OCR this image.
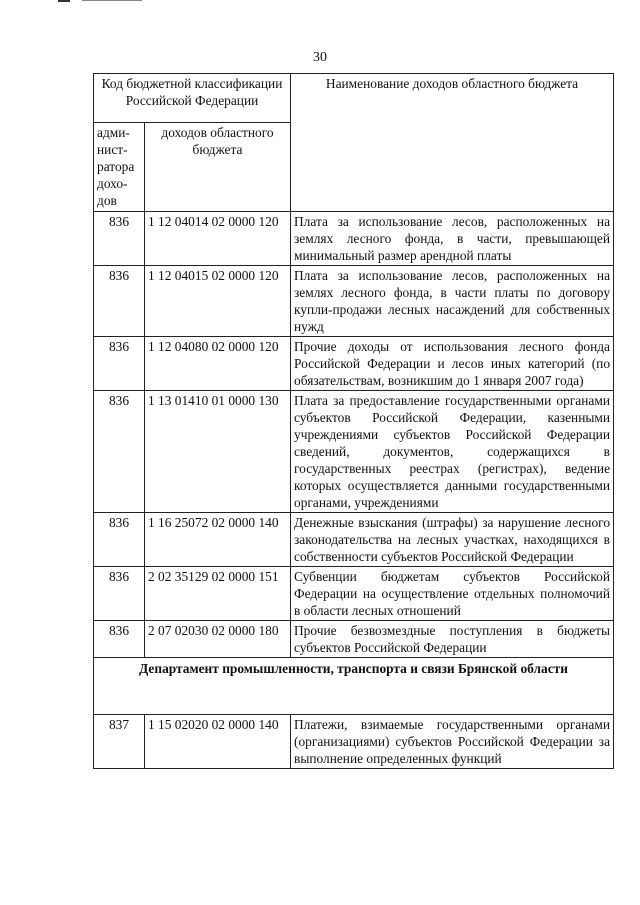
30
Код бюджетной классификации Российской Федерации		Наименование доходов областного бюджета
адми-нист-ратора дохо-дов	доходов областного бюджета	
836	1 12 04014 02 0000 120	Плата за использование лесов, расположенных на землях лесного фонда, в части, превышающей минимальный размер арендной платы
836	1 12 04015 02 0000 120	Плата за использование лесов, расположенных на землях лесного фонда, в части платы по договору купли-продажи лесных насаждений для собственных нужд
836	1 12 04080 02 0000 120	Прочие доходы от использования лесного фонда Российской Федерации и лесов иных категорий (по обязательствам, возникшим до 1 января 2007 года)
836	1 13 01410 01 0000 130	Плата за предоставление государственными органами субъектов Российской Федерации, казенными учреждениями субъектов Российской Федерации сведений, документов, содержащихся в государственных реестрах (регистрах), ведение которых осуществляется данными государственными органами, учреждениями
836	1 16 25072 02 0000 140	Денежные взыскания (штрафы) за нарушение лесного законодательства на лесных участках, находящихся в собственности субъектов Российской Федерации
836	2 02 35129 02 0000 151	Субвенции бюджетам субъектов Российской Федерации на осуществление отдельных полномочий в области лесных отношений
836	2 07 02030 02 0000 180	Прочие безвозмездные поступления в бюджеты субъектов Российской Федерации
Департамент промышленности, транспорта и связи Брянской области		
837	1 15 02020 02 0000 140	Платежи, взимаемые государственными органами (организациями) субъектов Российской Федерации за выполнение определенных функций
